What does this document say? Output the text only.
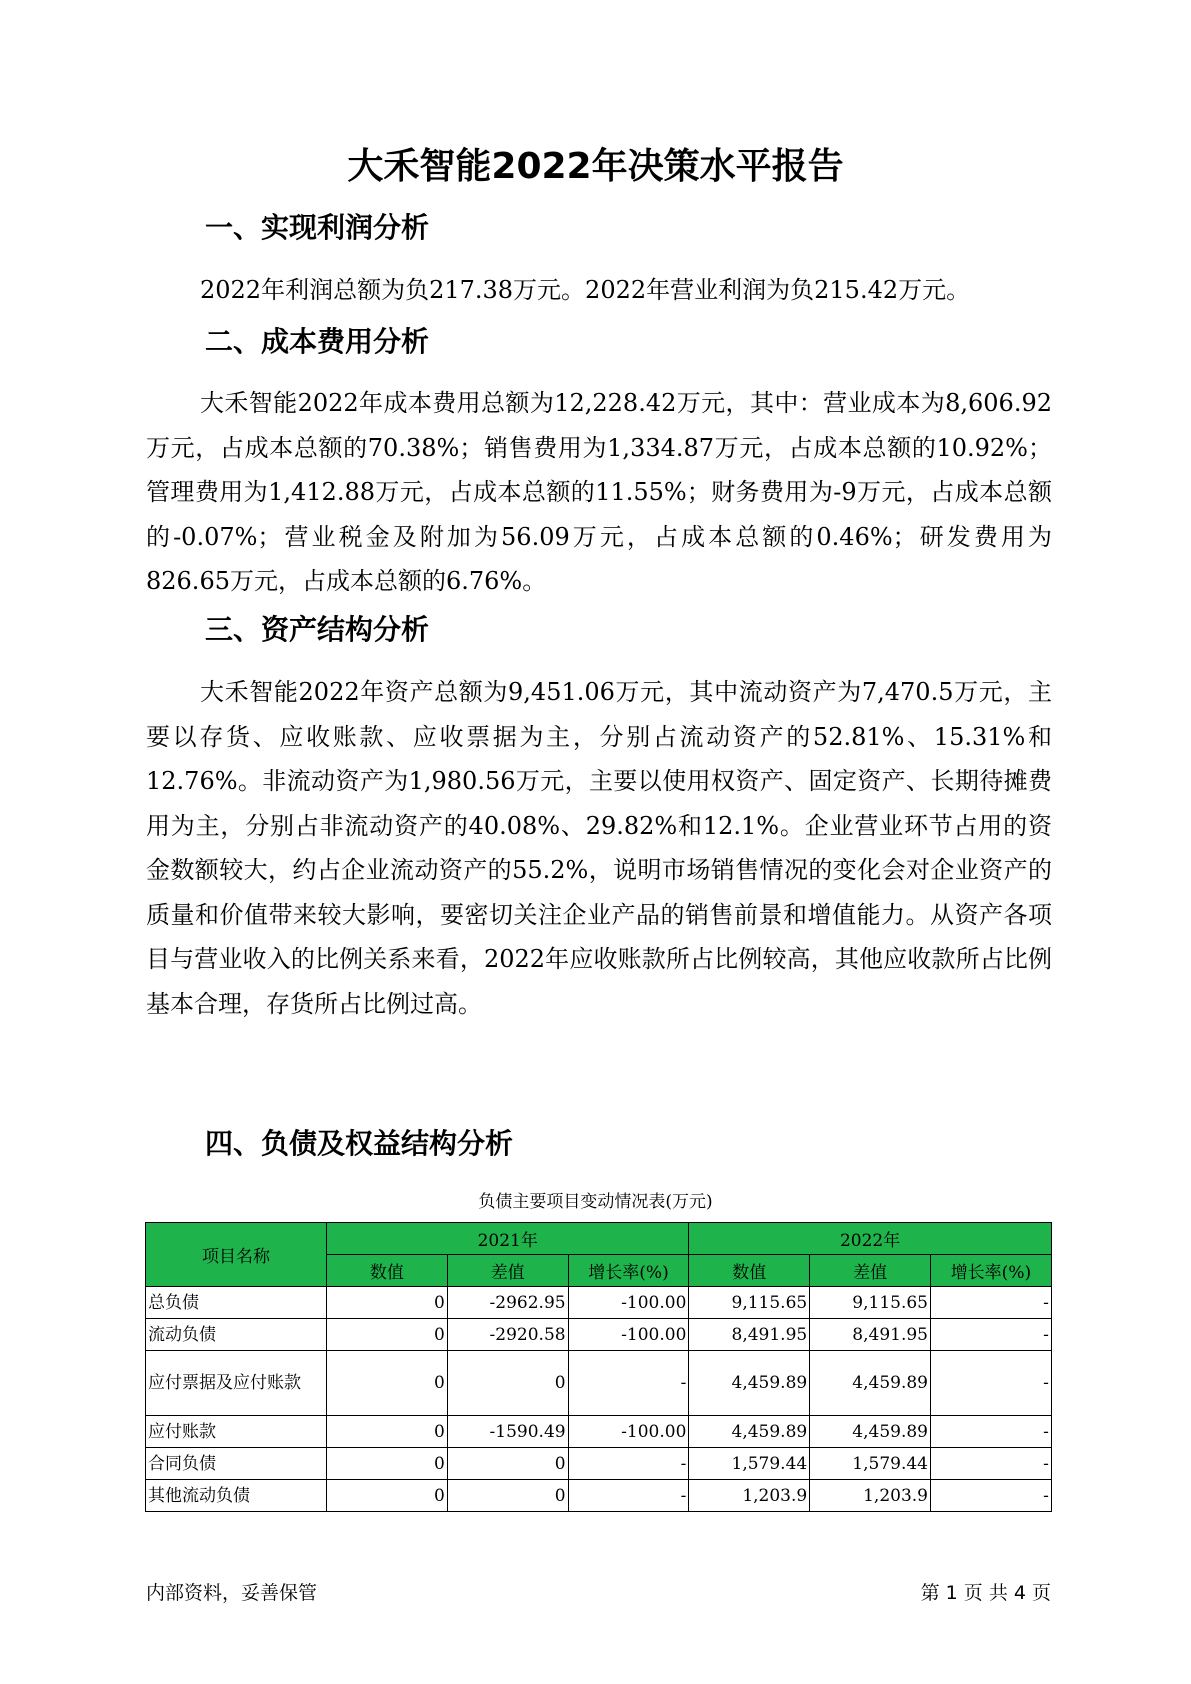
大禾智能2022年决策水平报告
一、实现利润分析

2022年利润总额为负217.38万元。2022年营业利润为负215.42万元。

二、成本费用分析

大禾智能2022年成本费用总额为12,228.42万元，其中：营业成本为8,606.92万元，占成本总额的70.38%；销售费用为1,334.87万元，占成本总额的10.92%；管理费用为1,412.88万元，占成本总额的11.55%；财务费用为-9万元，占成本总额的-0.07%；营业税金及附加为56.09万元，占成本总额的0.46%；研发费用为826.65万元，占成本总额的6.76%。

三、资产结构分析

大禾智能2022年资产总额为9,451.06万元，其中流动资产为7,470.5万元，主要以存货、应收账款、应收票据为主，分别占流动资产的52.81%、15.31%和12.76%。非流动资产为1,980.56万元，主要以使用权资产、固定资产、长期待摊费用为主，分别占非流动资产的40.08%、29.82%和12.1%。企业营业环节占用的资金数额较大，约占企业流动资产的55.2%，说明市场销售情况的变化会对企业资产的质量和价值带来较大影响，要密切关注企业产品的销售前景和增值能力。从资产各项目与营业收入的比例关系来看，2022年应收账款所占比例较高，其他应收款所占比例基本合理，存货所占比例过高。

四、负债及权益结构分析
负债主要项目变动情况表(万元)
项目名称	2021年			2022年		
	数值	差值	增长率(%)	数值	差值	增长率(%)
总负债	0	-2962.95	-100.00	9,115.65	9,115.65	-
流动负债	0	-2920.58	-100.00	8,491.95	8,491.95	-
应付票据及应付账款	0	0	-	4,459.89	4,459.89	-
应付账款	0	-1590.49	-100.00	4,459.89	4,459.89	-
合同负债	0	0	-	1,579.44	1,579.44	-
其他流动负债	0	0	-	1,203.9	1,203.9	-
内部资料，妥善保管	第 1 页 共 4 页
